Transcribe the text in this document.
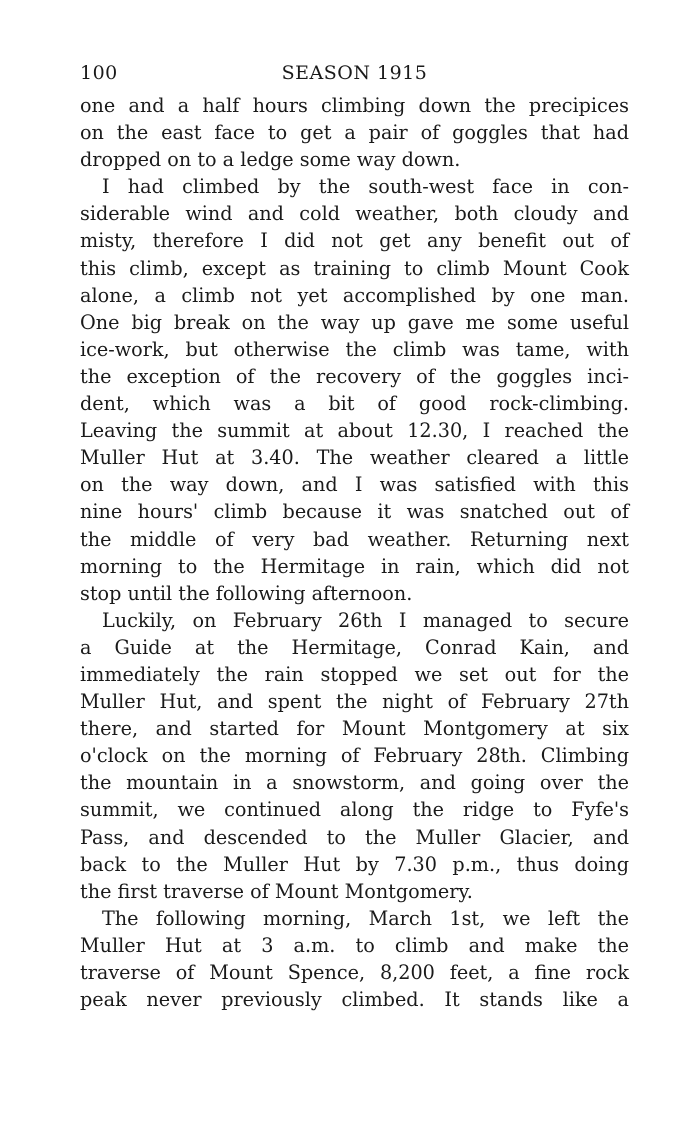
100	SEASON 1915
one and a half hours climbing down the precipices
on the east face to get a pair of goggles that had
dropped on to a ledge some way down.
I had climbed by the south-west face in con-
siderable wind and cold weather, both cloudy and
misty, therefore I did not get any benefit out of
this climb, except as training to climb Mount Cook
alone, a climb not yet accomplished by one man.
One big break on the way up gave me some useful
ice-work, but otherwise the climb was tame, with
the exception of the recovery of the goggles inci-
dent, which was a bit of good rock-climbing.
Leaving the summit at about 12.30, I reached the
Muller Hut at 3.40. The weather cleared a little
on the way down, and I was satisfied with this
nine hours' climb because it was snatched out of
the middle of very bad weather. Returning next
morning to the Hermitage in rain, which did not
stop until the following afternoon.
Luckily, on February 26th I managed to secure
a Guide at the Hermitage, Conrad Kain, and
immediately the rain stopped we set out for the
Muller Hut, and spent the night of February 27th
there, and started for Mount Montgomery at six
o'clock on the morning of February 28th. Climbing
the mountain in a snowstorm, and going over the
summit, we continued along the ridge to Fyfe's
Pass, and descended to the Muller Glacier, and
back to the Muller Hut by 7.30 p.m., thus doing
the first traverse of Mount Montgomery.
The following morning, March 1st, we left the
Muller Hut at 3 a.m. to climb and make the
traverse of Mount Spence, 8,200 feet, a fine rock
peak never previously climbed. It stands like a
